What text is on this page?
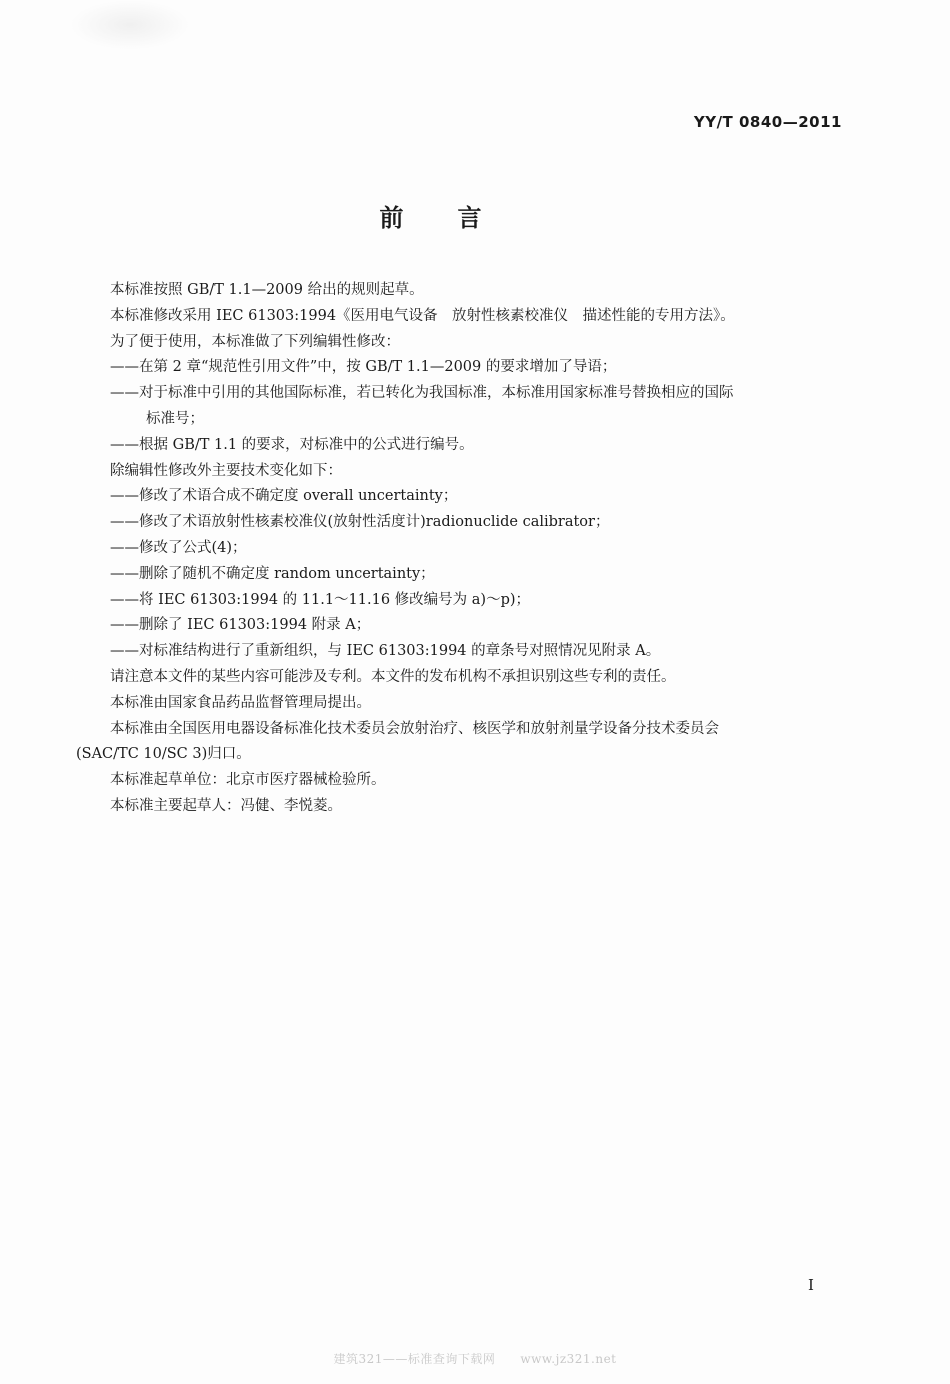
YY/T 0840—2011
前言

本标准按照 GB/T 1.1—2009 给出的规则起草。

本标准修改采用 IEC 61303:1994《医用电气设备　放射性核素校准仪　描述性能的专用方法》。

为了便于使用，本标准做了下列编辑性修改：

——在第 2 章“规范性引用文件”中，按 GB/T 1.1—2009 的要求增加了导语；

——对于标准中引用的其他国际标准，若已转化为我国标准，本标准用国家标准号替换相应的国际

标准号；

——根据 GB/T 1.1 的要求，对标准中的公式进行编号。

除编辑性修改外主要技术变化如下：

——修改了术语合成不确定度 overall uncertainty；

——修改了术语放射性核素校准仪(放射性活度计)radionuclide calibrator；

——修改了公式(4)；

——删除了随机不确定度 random uncertainty；

——将 IEC 61303:1994 的 11.1～11.16 修改编号为 a)～p)；

——删除了 IEC 61303:1994 附录 A；

——对标准结构进行了重新组织，与 IEC 61303:1994 的章条号对照情况见附录 A。

请注意本文件的某些内容可能涉及专利。本文件的发布机构不承担识别这些专利的责任。

本标准由国家食品药品监督管理局提出。

本标准由全国医用电器设备标准化技术委员会放射治疗、核医学和放射剂量学设备分技术委员会

(SAC/TC 10/SC 3)归口。

本标准起草单位：北京市医疗器械检验所。

本标准主要起草人：冯健、李悦菱。

I
建筑321——标准查询下载网　　www.jz321.net
